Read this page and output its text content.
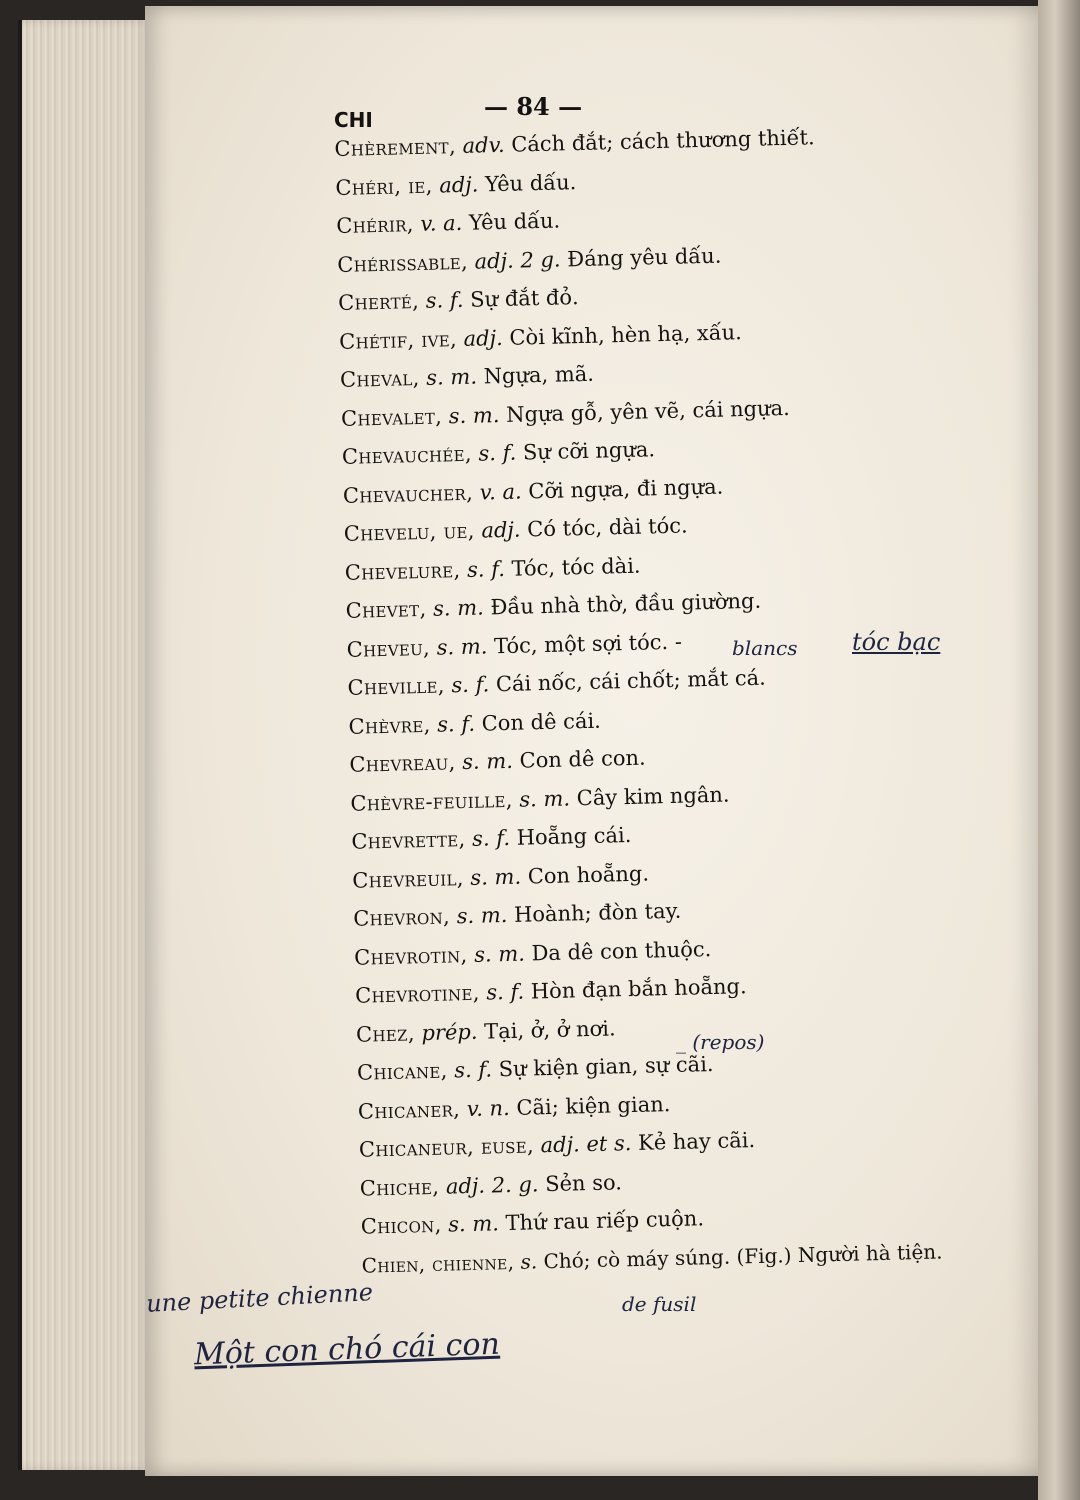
CHI	— 84 —
Chèrement, adv. Cách đắt; cách thương thiết.
Chéri, ie, adj. Yêu dấu.
Chérir, v. a. Yêu dấu.
Chérissable, adj. 2 g. Đáng yêu dấu.
Cherté, s. f. Sự đắt đỏ.
Chétif, ive, adj. Còi kĩnh, hèn hạ, xấu.
Cheval, s. m. Ngựa, mã.
Chevalet, s. m. Ngựa gỗ, yên vẽ, cái ngựa.
Chevauchée, s. f. Sự cỡi ngựa.
Chevaucher, v. a. Cỡi ngựa, đi ngựa.
Chevelu, ue, adj. Có tóc, dài tóc.
Chevelure, s. f. Tóc, tóc dài.
Chevet, s. m. Đầu nhà thờ, đầu giường.
Cheveu, s. m. Tóc, một sợi tóc. -
Cheville, s. f. Cái nốc, cái chốt; mắt cá.
Chèvre, s. f. Con dê cái.
Chevreau, s. m. Con dê con.
Chèvre-feuille, s. m. Cây kim ngân.
Chevrette, s. f. Hoẵng cái.
Chevreuil, s. m. Con hoẵng.
Chevron, s. m. Hoành; đòn tay.
Chevrotin, s. m. Da dê con thuộc.
Chevrotine, s. f. Hòn đạn bắn hoẵng.
Chez, prép. Tại, ở, ở nơi.
Chicane, s. f. Sự kiện gian, sự cãi.
Chicaner, v. n. Cãi; kiện gian.
Chicaneur, euse, adj. et s. Kẻ hay cãi.
Chiche, adj. 2. g. Sẻn so.
Chicon, s. m. Thứ rau riếp cuộn.
Chien, chienne, s. Chó; cò máy súng. (Fig.) Người hà tiện.
blancs tóc bạc
_ (repos)
de fusil
une petite chienne
Một con chó cái con
